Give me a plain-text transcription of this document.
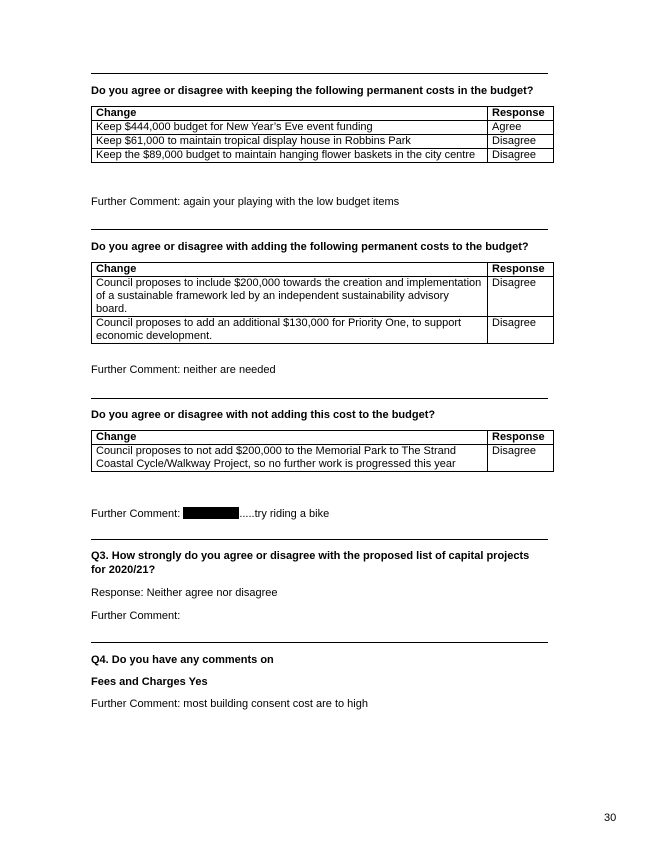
Do you agree or disagree with keeping the following permanent costs in the budget?
Change	Response
Keep $444,000 budget for New Year’s Eve event funding	Agree
Keep $61,000 to maintain tropical display house in Robbins Park	Disagree
Keep the $89,000 budget to maintain hanging flower baskets in the city centre	Disagree
Further Comment: again your playing with the low budget items
Do you agree or disagree with adding the following permanent costs to the budget?
Change	Response
Council proposes to include $200,000 towards the creation and implementation of a sustainable framework led by an independent sustainability advisory board.	Disagree
Council proposes to add an additional $130,000 for Priority One, to support economic development.	Disagree
Further Comment: neither are needed
Do you agree or disagree with not adding this cost to the budget?
Change	Response
Council proposes to not add $200,000 to the Memorial Park to The Strand Coastal Cycle/Walkway Project, so no further work is progressed this year	Disagree
Further Comment:	.....try riding a bike
Q3. How strongly do you agree or disagree with the proposed list of capital projects for 2020/21?
Response: Neither agree nor disagree
Further Comment:
Q4. Do you have any comments on
Fees and Charges Yes
Further Comment: most building consent cost are to high
30
